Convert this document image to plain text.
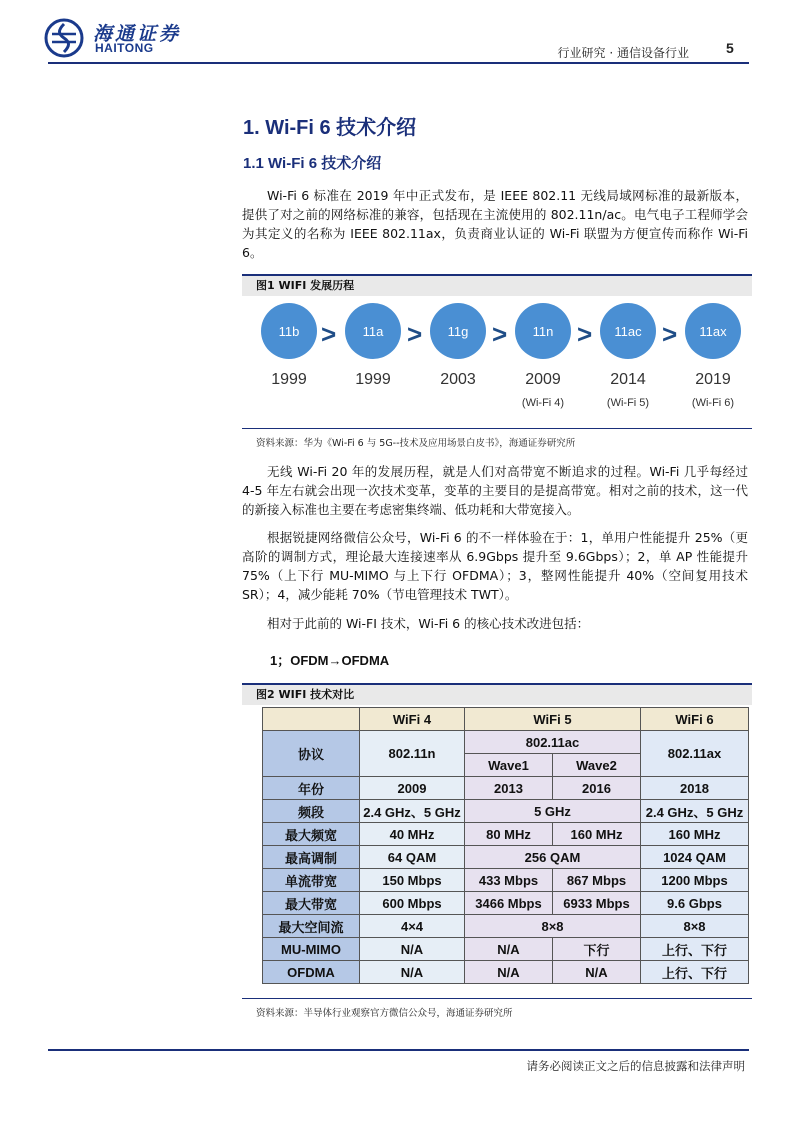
海通证券
HAITONG	行业研究 · 通信设备行业	5
1. Wi-Fi 6 技术介绍
1.1 Wi-Fi 6 技术介绍
Wi-Fi 6 标准在 2019 年中正式发布，是 IEEE 802.11 无线局域网标准的最新版本，提供了对之前的网络标准的兼容，包括现在主流使用的 802.11n/ac。电气电子工程师学会为其定义的名称为 IEEE 802.11ax，负责商业认证的 Wi-Fi 联盟为方便宣传而称作 Wi-Fi 6。
图1 WIFI 发展历程
11b >	11a >	11g >	11n >	11ac >	11ax
1999	1999	2003	2009	2014	2019
(Wi-Fi 4)	(Wi-Fi 5)	(Wi-Fi 6)
资料来源：华为《Wi-Fi 6 与 5G--技术及应用场景白皮书》，海通证券研究所
无线 Wi-Fi 20 年的发展历程，就是人们对高带宽不断追求的过程。Wi-Fi 几乎每经过 4-5 年左右就会出现一次技术变革，变革的主要目的是提高带宽。相对之前的技术，这一代的新接入标准也主要在考虑密集终端、低功耗和大带宽接入。
根据锐捷网络微信公众号，Wi-Fi 6 的不一样体验在于：1，单用户性能提升 25%（更高阶的调制方式，理论最大连接速率从 6.9Gbps 提升至 9.6Gbps）；2，单 AP 性能提升 75%（上下行 MU-MIMO 与上下行 OFDMA）；3，整网性能提升 40%（空间复用技术 SR）；4，减少能耗 70%（节电管理技术 TWT）。
相对于此前的 Wi-FI 技术，Wi-Fi 6 的核心技术改进包括：
1；OFDM→OFDMA
图2 WIFI 技术对比
	WiFi 4	WiFi 5		WiFi 6
协议	802.11n	802.11ac		802.11ax
		Wave1	Wave2	
年份	2009	2013	2016	2018
频段	2.4 GHz、5 GHz	5 GHz		2.4 GHz、5 GHz
最大频宽	40 MHz	80 MHz	160 MHz	160 MHz
最高调制	64 QAM	256 QAM		1024 QAM
单流带宽	150 Mbps	433 Mbps	867 Mbps	1200 Mbps
最大带宽	600 Mbps	3466 Mbps	6933 Mbps	9.6 Gbps
最大空间流	4×4	8×8		8×8
MU-MIMO	N/A	N/A	下行	上行、下行
OFDMA	N/A	N/A	N/A	上行、下行
资料来源：半导体行业观察官方微信公众号，海通证券研究所
请务必阅读正文之后的信息披露和法律声明
